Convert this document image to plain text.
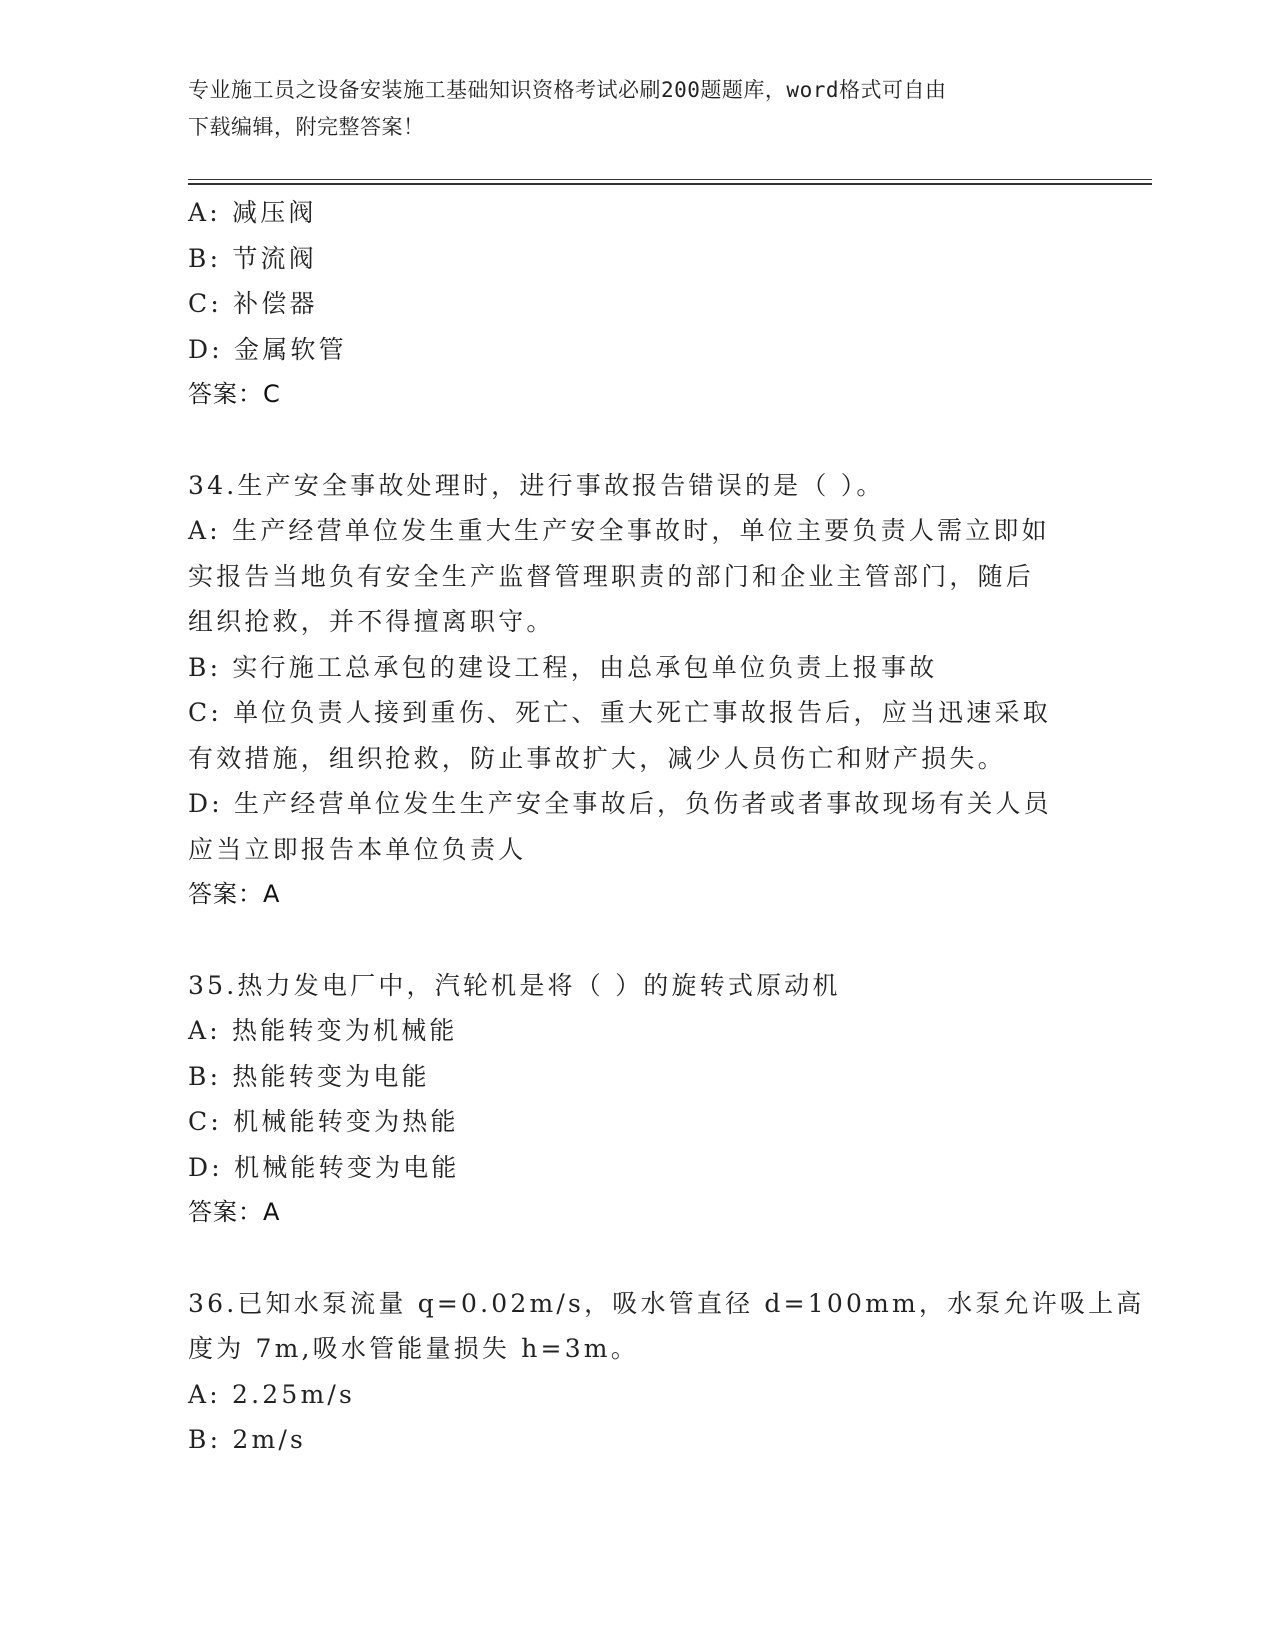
专业施工员之设备安装施工基础知识资格考试必刷200题题库，word格式可自由
下载编辑，附完整答案！
A: 减压阀
B: 节流阀
C: 补偿器
D: 金属软管
答案：C
34.生产安全事故处理时，进行事故报告错误的是（ ）。
A: 生产经营单位发生重大生产安全事故时，单位主要负责人需立即如
实报告当地负有安全生产监督管理职责的部门和企业主管部门，随后
组织抢救，并不得擅离职守。
B: 实行施工总承包的建设工程，由总承包单位负责上报事故
C: 单位负责人接到重伤、死亡、重大死亡事故报告后，应当迅速采取
有效措施，组织抢救，防止事故扩大，减少人员伤亡和财产损失。
D: 生产经营单位发生生产安全事故后，负伤者或者事故现场有关人员
应当立即报告本单位负责人
答案：A
35.热力发电厂中，汽轮机是将（ ）的旋转式原动机
A: 热能转变为机械能
B: 热能转变为电能
C: 机械能转变为热能
D: 机械能转变为电能
答案：A
36.已知水泵流量 q=0.02m/s，吸水管直径 d=100mm，水泵允许吸上高
度为 7m,吸水管能量损失 h=3m。
A: 2.25m/s
B: 2m/s
